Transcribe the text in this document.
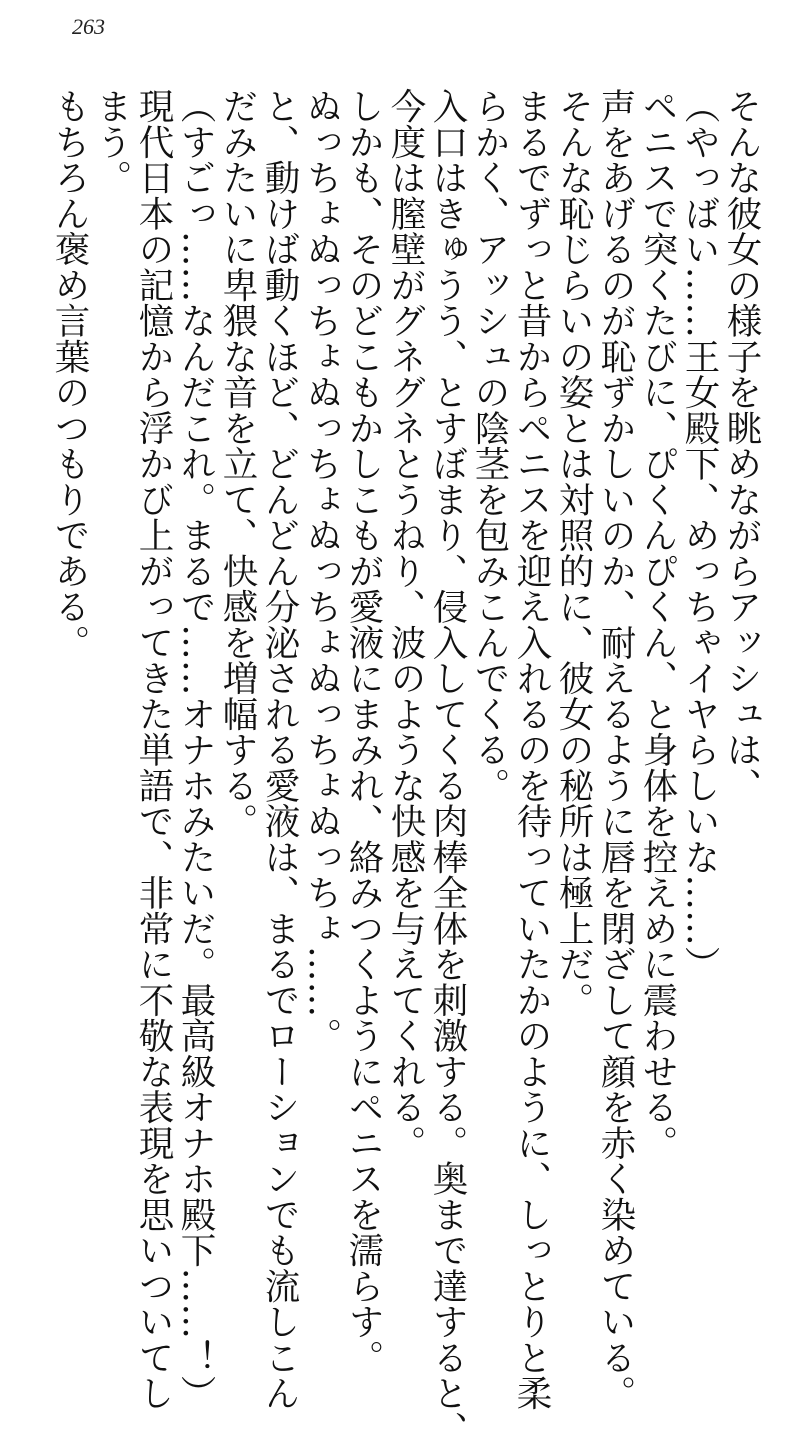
263

そんな彼女の様子を眺めながらアッシュは、

（やっばい……王女殿下、めっちゃイヤらしいな……）

ペニスで突くたびに、ぴくんぴくん、と身体を控えめに震わせる。

声をあげるのが恥ずかしいのか、耐えるように唇を閉ざして顔を赤く染めている。

そんな恥じらいの姿とは対照的に、彼女の秘所は極上だ。

まるでずっと昔からペニスを迎え入れるのを待っていたかのように、しっとりと柔

らかく、アッシュの陰茎を包みこんでくる。

入口はきゅうう、とすぼまり、侵入してくる肉棒全体を刺激する。奥まで達すると、

今度は膣壁がグネグネとうねり、波のような快感を与えてくれる。

しかも、そのどこもかしこもが愛液にまみれ、絡みつくようにペニスを濡らす。

ぬっちょぬっちょぬっちょぬっちょぬっちょぬっちょ……。

と、動けば動くほど、どんどん分泌される愛液は、まるでローションでも流しこん

だみたいに卑猥な音を立て、快感を増幅する。

（すごっ……なんだこれ。まるで……オナホみたいだ。最高級オナホ殿下……！）

現代日本の記憶から浮かび上がってきた単語で、非常に不敬な表現を思いついてし

まう。

もちろん褒め言葉のつもりである。
